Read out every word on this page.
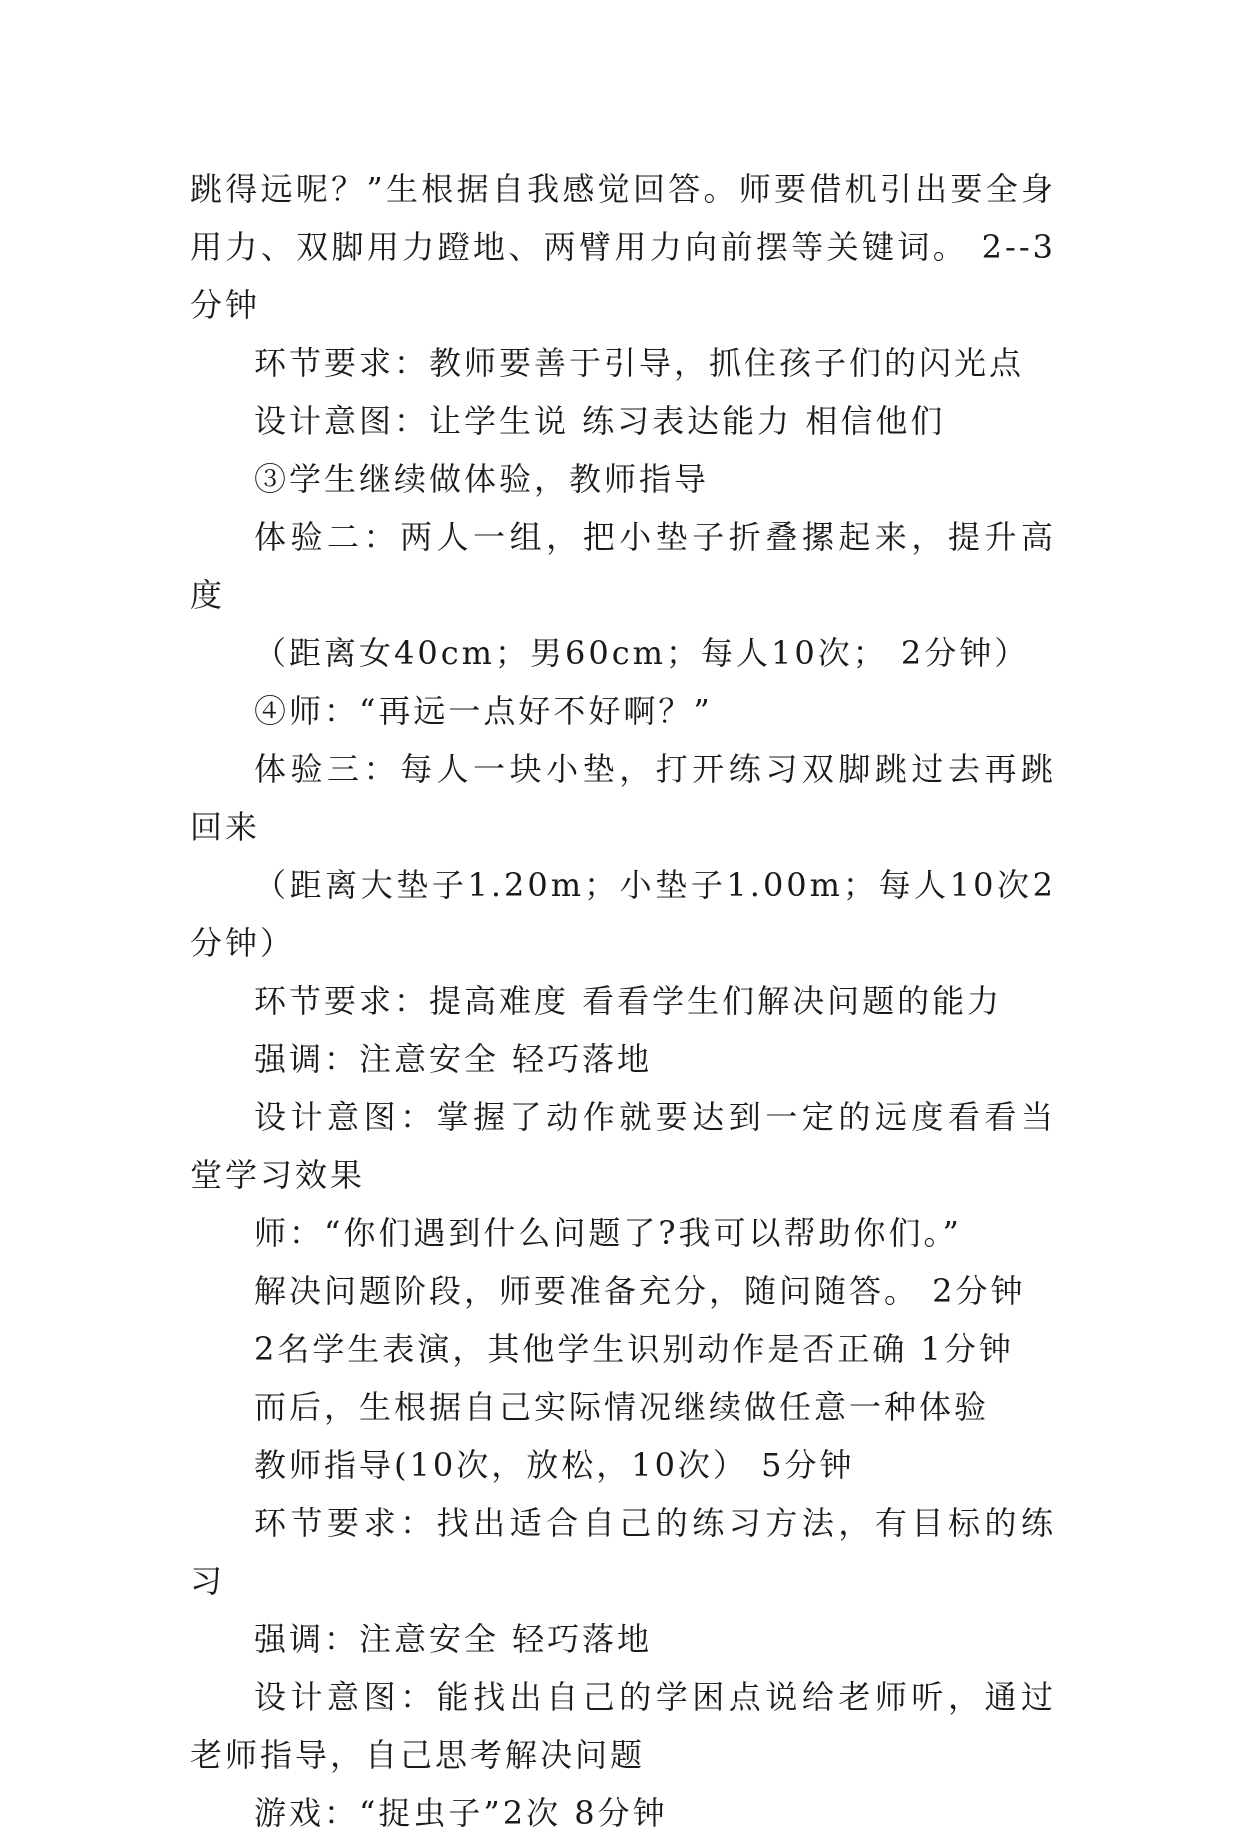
跳得远呢？”生根据自我感觉回答。师要借机引出要全身用力、双脚用力蹬地、两臂用力向前摆等关键词。 2--3分钟

环节要求：教师要善于引导，抓住孩子们的闪光点

设计意图：让学生说 练习表达能力 相信他们

③学生继续做体验，教师指导

体验二：两人一组，把小垫子折叠摞起来，提升高度

（距离女40cm；男60cm；每人10次； 2分钟）

④师：“再远一点好不好啊？”

体验三：每人一块小垫，打开练习双脚跳过去再跳回来

（距离大垫子1.20m；小垫子1.00m；每人10次2分钟）

环节要求：提高难度 看看学生们解决问题的能力

强调：注意安全 轻巧落地

设计意图：掌握了动作就要达到一定的远度看看当堂学习效果

师：“你们遇到什么问题了?我可以帮助你们。”

解决问题阶段，师要准备充分，随问随答。 2分钟

2名学生表演，其他学生识别动作是否正确 1分钟

而后，生根据自己实际情况继续做任意一种体验

教师指导(10次，放松，10次） 5分钟

环节要求：找出适合自己的练习方法，有目标的练习

强调：注意安全 轻巧落地

设计意图：能找出自己的学困点说给老师听，通过老师指导，自己思考解决问题

游戏：“捉虫子”2次 8分钟
